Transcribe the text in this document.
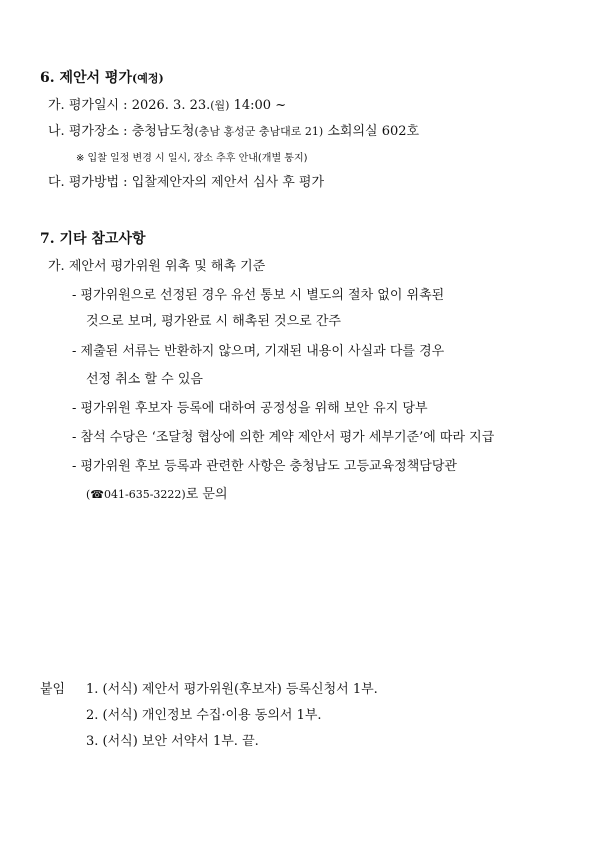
6. 제안서 평가(예정)
가. 평가일시 : 2026. 3. 23.(월) 14:00 ~
나. 평가장소 : 충청남도청(충남 홍성군 충남대로 21) 소회의실 602호
※ 입찰 일정 변경 시 일시, 장소 추후 안내(개별 통지)
다. 평가방법 : 입찰제안자의 제안서 심사 후 평가
7. 기타 참고사항
가. 제안서 평가위원 위촉 및 해촉 기준
- 평가위원으로 선정된 경우 유선 통보 시 별도의 절차 없이 위촉된
것으로 보며, 평가완료 시 해촉된 것으로 간주
- 제출된 서류는 반환하지 않으며, 기재된 내용이 사실과 다를 경우
선정 취소 할 수 있음
- 평가위원 후보자 등록에 대하여 공정성을 위해 보안 유지 당부
- 참석 수당은 ‘조달청 협상에 의한 계약 제안서 평가 세부기준’에 따라 지급
- 평가위원 후보 등록과 관련한 사항은 충청남도 고등교육정책담당관
(☎041-635-3222)로 문의
붙임 1. (서식) 제안서 평가위원(후보자) 등록신청서 1부.
2. (서식) 개인정보 수집·이용 동의서 1부.
3. (서식) 보안 서약서 1부. 끝.
